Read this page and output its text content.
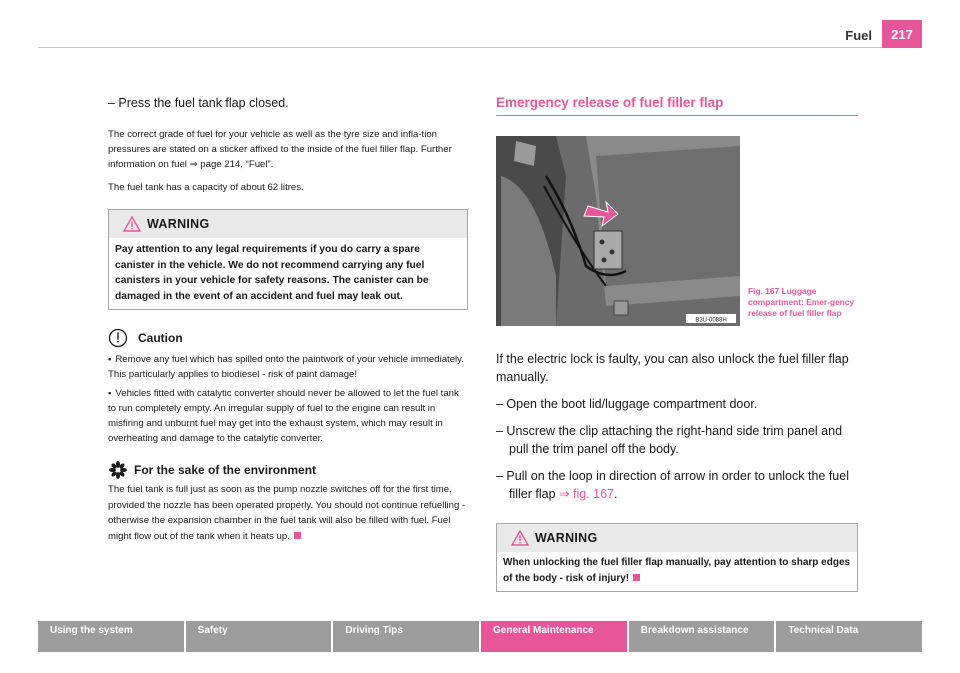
Fuel	217

– Press the fuel tank flap closed.

The correct grade of fuel for your vehicle as well as the tyre size and infla-tion pressures are stated on a sticker affixed to the inside of the fuel filler flap. Further information on fuel ⇒ page 214, “Fuel”.

The fuel tank has a capacity of about 62 litres.

WARNING
Pay attention to any legal requirements if you do carry a spare canister in the vehicle. We do not recommend carrying any fuel canisters in your vehicle for safety reasons. The canister can be damaged in the event of an accident and fuel may leak out.
Caution

• Remove any fuel which has spilled onto the paintwork of your vehicle immediately. This particularly applies to biodiesel - risk of paint damage!

• Vehicles fitted with catalytic converter should never be allowed to let the fuel tank to run completely empty. An irregular supply of fuel to the engine can result in misfiring and unburnt fuel may get into the exhaust system, which may result in overheating and damage to the catalytic converter.

For the sake of the environment

The fuel tank is full just as soon as the pump nozzle switches off for the first time, provided the nozzle has been operated properly. You should not continue refuelling - otherwise the expansion chamber in the fuel tank will also be filled with fuel. Fuel might flow out of the tank when it heats up.

Emergency release of fuel filler flap
B3U-0088H
Fig. 167 Luggage compartment: Emer-gency release of fuel filler flap

If the electric lock is faulty, you can also unlock the fuel filler flap manually.

– Open the boot lid/luggage compartment door.

– Unscrew the clip attaching the right-hand side trim panel and pull the trim panel off the body.

– Pull on the loop in direction of arrow in order to unlock the fuel filler flap ⇒ fig. 167.

WARNING
When unlocking the fuel filler flap manually, pay attention to sharp edges of the body - risk of injury!
Using the system	Safety	Driving Tips	General Maintenance	Breakdown assistance	Technical Data
